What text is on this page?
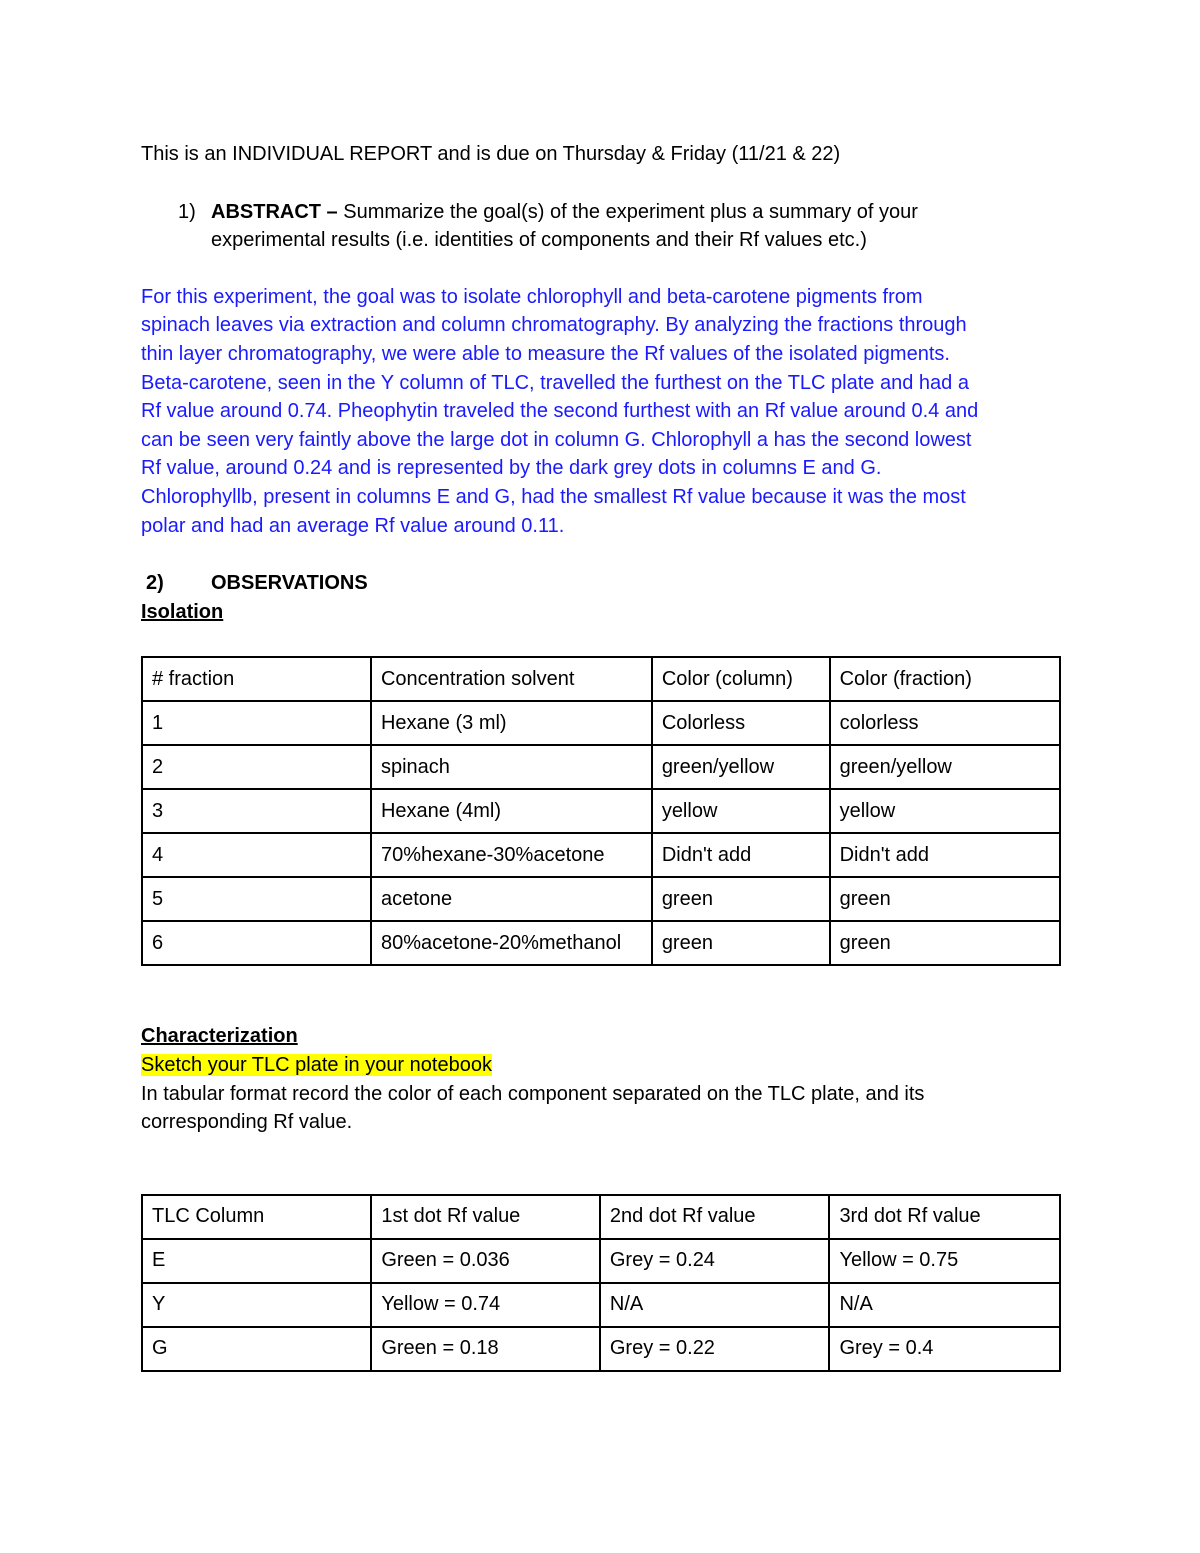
This is an INDIVIDUAL REPORT and is due on Thursday & Friday (11/21 & 22)

1) ABSTRACT – Summarize the goal(s) of the experiment plus a summary of your

experimental results (i.e. identities of components and their Rf values etc.)

For this experiment, the goal was to isolate chlorophyll and beta-carotene pigments from

spinach leaves via extraction and column chromatography. By analyzing the fractions through

thin layer chromatography, we were able to measure the Rf values of the isolated pigments.

Beta-carotene, seen in the Y column of TLC, travelled the furthest on the TLC plate and had a

Rf value around 0.74. Pheophytin traveled the second furthest with an Rf value around 0.4 and

can be seen very faintly above the large dot in column G. Chlorophyll a has the second lowest

Rf value, around 0.24 and is represented by the dark grey dots in columns E and G.

Chlorophyllb, present in columns E and G, had the smallest Rf value because it was the most

polar and had an average Rf value around 0.11.

2)	OBSERVATIONS

Isolation

# fraction	Concentration solvent	Color (column)	Color (fraction)
1	Hexane (3 ml)	Colorless	colorless
2	spinach	green/yellow	green/yellow
3	Hexane (4ml)	yellow	yellow
4	70%hexane-30%acetone	Didn't add	Didn't add
5	acetone	green	green
6	80%acetone-20%methanol	green	green

Characterization

Sketch your TLC plate in your notebook

In tabular format record the color of each component separated on the TLC plate, and its

corresponding Rf value.

TLC Column	1st dot Rf value	2nd dot Rf value	3rd dot Rf value
E	Green = 0.036	Grey = 0.24	Yellow = 0.75
Y	Yellow = 0.74	N/A	N/A
G	Green = 0.18	Grey = 0.22	Grey = 0.4
